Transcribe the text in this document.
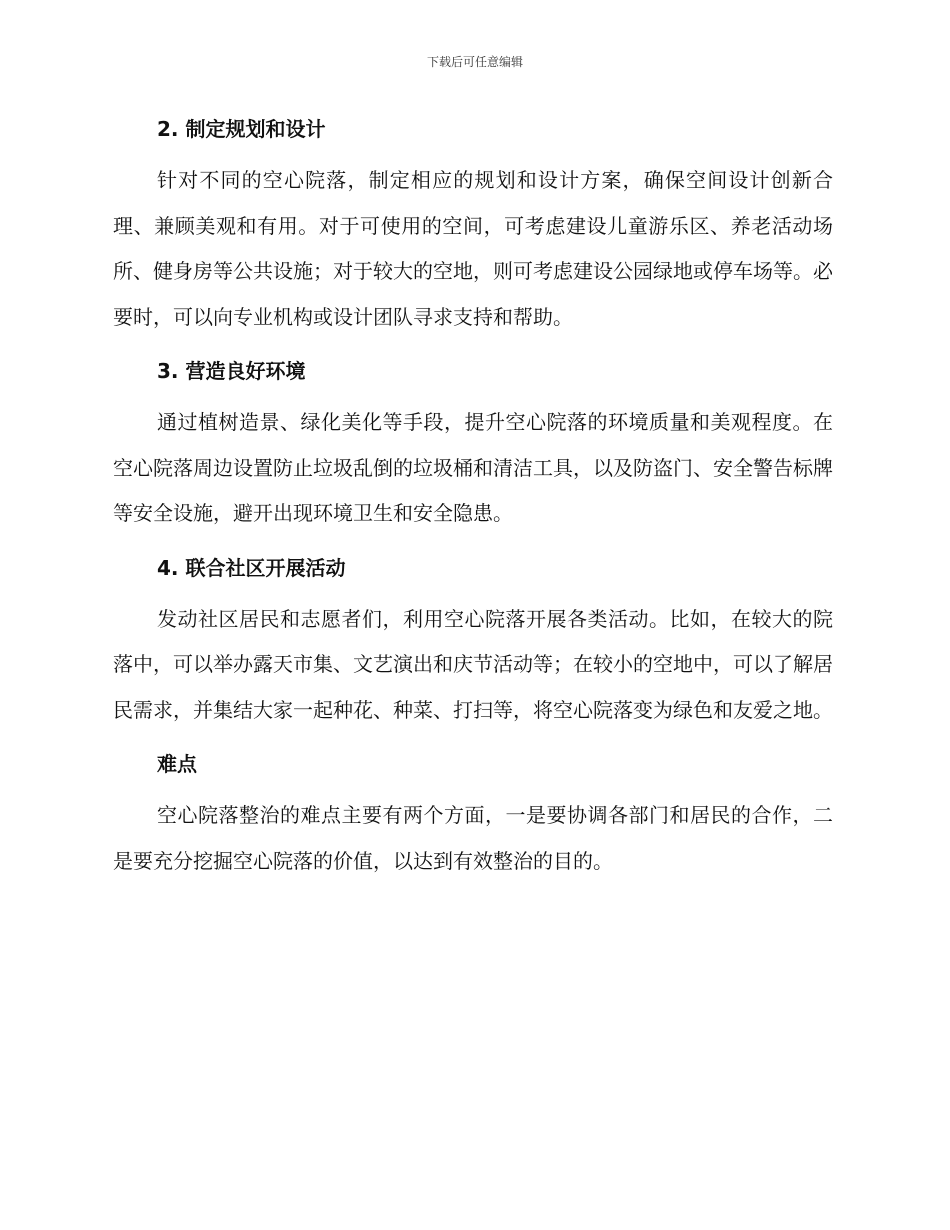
下载后可任意编辑
2. 制定规划和设计

针对不同的空心院落，制定相应的规划和设计方案，确保空间设计创新合理、兼顾美观和有用。对于可使用的空间，可考虑建设儿童游乐区、养老活动场所、健身房等公共设施；对于较大的空地，则可考虑建设公园绿地或停车场等。必要时，可以向专业机构或设计团队寻求支持和帮助。

3. 营造良好环境

通过植树造景、绿化美化等手段，提升空心院落的环境质量和美观程度。在空心院落周边设置防止垃圾乱倒的垃圾桶和清洁工具，以及防盗门、安全警告标牌等安全设施，避开出现环境卫生和安全隐患。

4. 联合社区开展活动

发动社区居民和志愿者们，利用空心院落开展各类活动。比如，在较大的院落中，可以举办露天市集、文艺演出和庆节活动等；在较小的空地中，可以了解居民需求，并集结大家一起种花、种菜、打扫等，将空心院落变为绿色和友爱之地。

难点

空心院落整治的难点主要有两个方面，一是要协调各部门和居民的合作，二是要充分挖掘空心院落的价值，以达到有效整治的目的。
